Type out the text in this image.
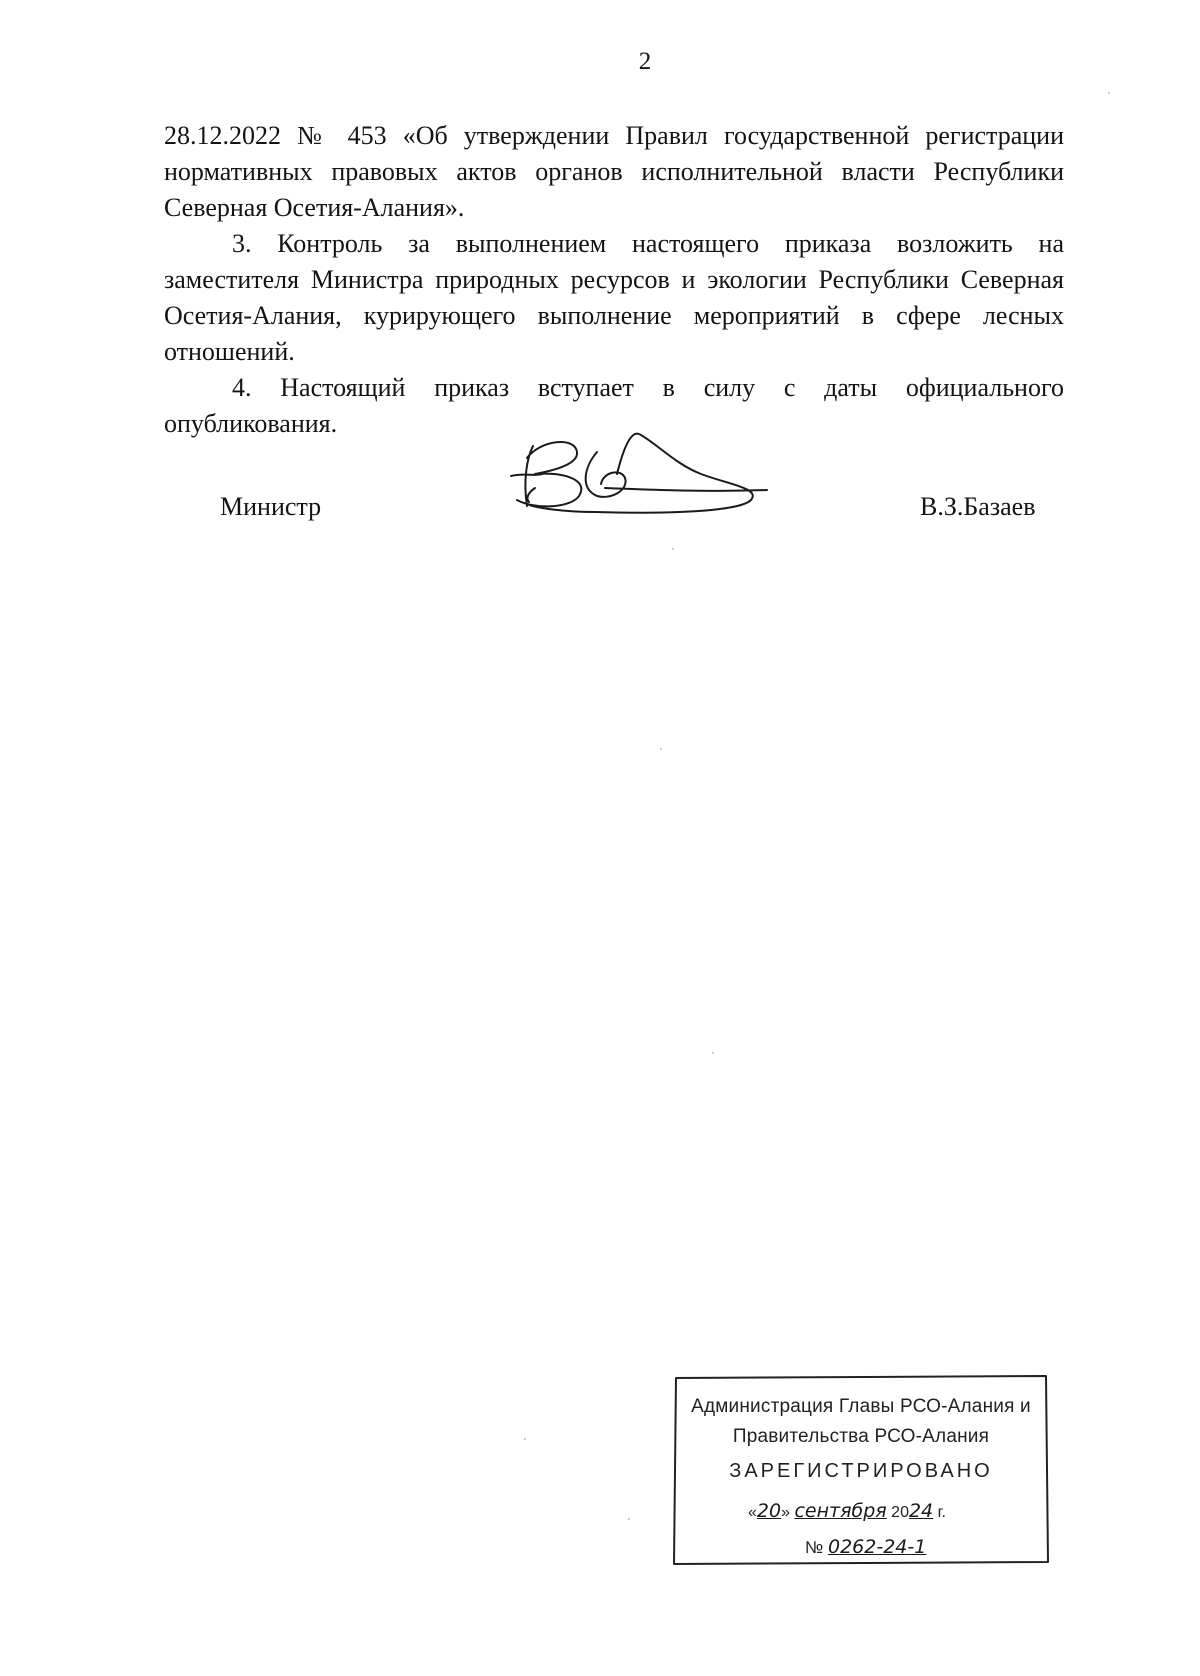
2

28.12.2022 № 453 «Об утверждении Правил государственной регистрации нормативных правовых актов органов исполнительной власти Республики Северная Осетия-Алания».

3. Контроль за выполнением настоящего приказа возложить на заместителя Министра природных ресурсов и экологии Республики Северная Осетия-Алания, курирующего выполнение мероприятий в сфере лесных отношений.

4. Настоящий приказ вступает в силу с даты официального опубликования.

Министр	В.З.Базаев
Администрация Главы РСО-Алания и
Правительства РСО-Алания
ЗАРЕГИСТРИРОВАНО
«20» сентября 2024 г.
№ 0262-24-1
